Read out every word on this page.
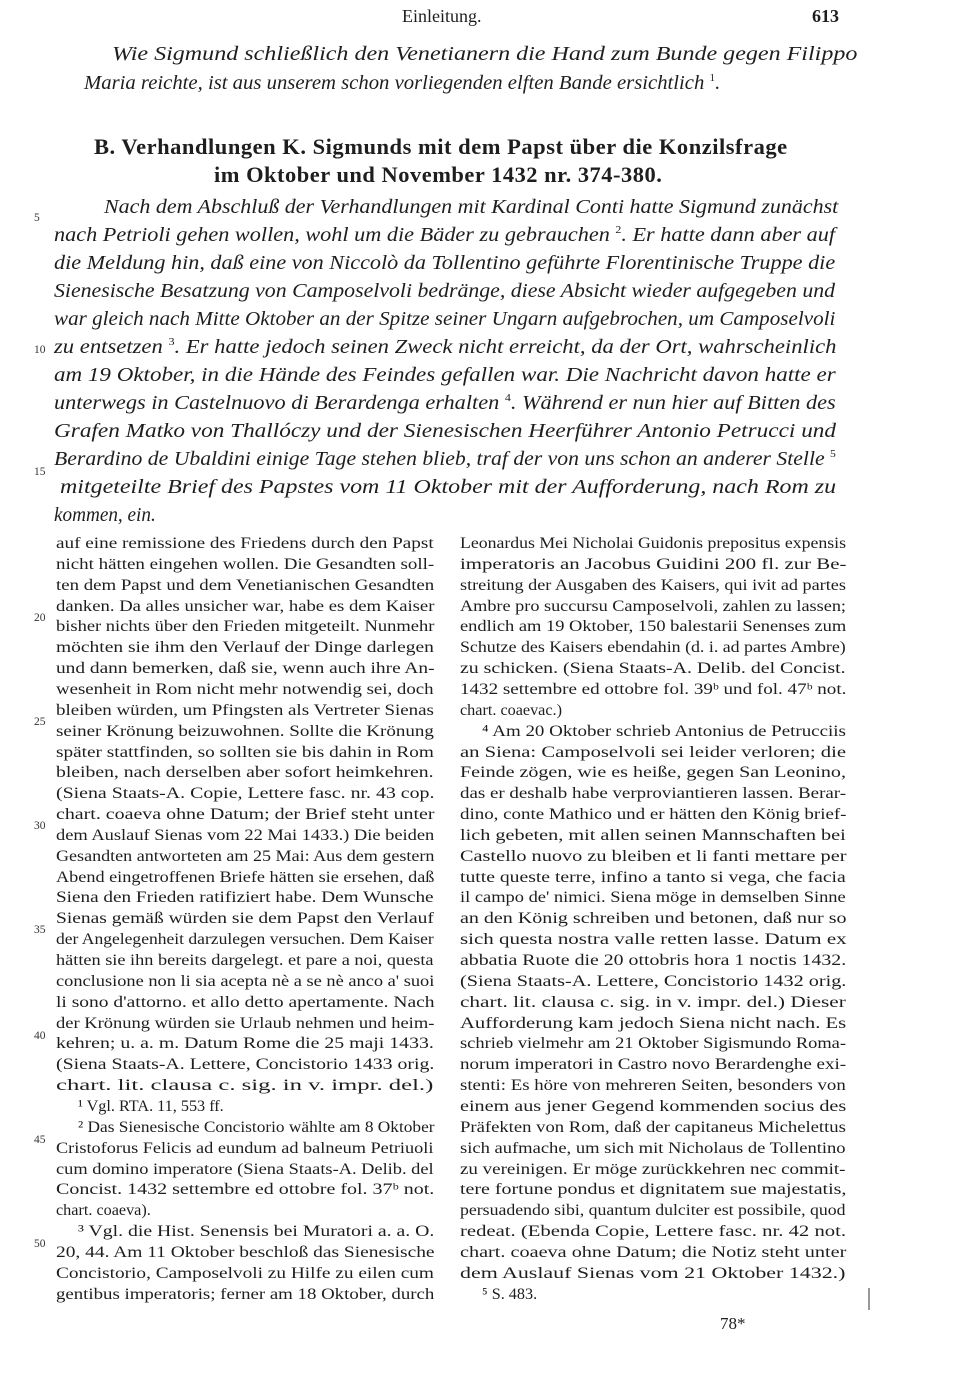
Einleitung.	613
Wie Sigmund schließlich den Venetianern die Hand zum Bunde gegen Filippo
Maria reichte, ist aus unserem schon vorliegenden elften Bande ersichtlich $^1$.
B. Verhandlungen K. Sigmunds mit dem Papst über die Konzilsfrage
im Oktober und November 1432 nr. 374-380.
Nach dem Abschluß der Verhandlungen mit Kardinal Conti hatte Sigmund zunächst
nach Petrioli gehen wollen, wohl um die Bäder zu gebrauchen $^2$. Er hatte dann aber auf
die Meldung hin, daß eine von Niccolò da Tollentino geführte Florentinische Truppe die
Sienesische Besatzung von Camposelvoli bedränge, diese Absicht wieder aufgegeben und
war gleich nach Mitte Oktober an der Spitze seiner Ungarn aufgebrochen, um Camposelvoli
zu entsetzen $^3$. Er hatte jedoch seinen Zweck nicht erreicht, da der Ort, wahrscheinlich
am 19 Oktober, in die Hände des Feindes gefallen war. Die Nachricht davon hatte er
unterwegs in Castelnuovo di Berardenga erhalten $^4$. Während er nun hier auf Bitten des
Grafen Matko von Thallóczy und der Sienesischen Heerführer Antonio Petrucci und
Berardino de Ubaldini einige Tage stehen blieb, traf der von uns schon an anderer Stelle $^5$
mitgeteilte Brief des Papstes vom 11 Oktober mit der Aufforderung, nach Rom zu
kommen, ein.
5
10
15
20
25
30
35
40
45
50
auf eine remissione des Friedens durch den Papst
nicht hätten eingehen wollen. Die Gesandten soll-
ten dem Papst und dem Venetianischen Gesandten
danken. Da alles unsicher war, habe es dem Kaiser
bisher nichts über den Frieden mitgeteilt. Nunmehr
möchten sie ihm den Verlauf der Dinge darlegen
und dann bemerken, daß sie, wenn auch ihre An-
wesenheit in Rom nicht mehr notwendig sei, doch
bleiben würden, um Pfingsten als Vertreter Sienas
seiner Krönung beizuwohnen. Sollte die Krönung
später stattfinden, so sollten sie bis dahin in Rom
bleiben, nach derselben aber sofort heimkehren.
(Siena Staats-A. Copie, Lettere fasc. nr. 43 cop.
chart. coaeva ohne Datum; der Brief steht unter
dem Auslauf Sienas vom 22 Mai 1433.) Die beiden
Gesandten antworteten am 25 Mai: Aus dem gestern
Abend eingetroffenen Briefe hätten sie ersehen, daß
Siena den Frieden ratifiziert habe. Dem Wunsche
Sienas gemäß würden sie dem Papst den Verlauf
der Angelegenheit darzulegen versuchen. Dem Kaiser
hätten sie ihn bereits dargelegt. et pare a noi, questa
conclusione non li sia acepta nè a se nè anco a' suoi
li sono d'attorno. et allo detto apertamente. Nach
der Krönung würden sie Urlaub nehmen und heim-
kehren; u. a. m. Datum Rome die 25 maji 1433.
(Siena Staats-A. Lettere, Concistorio 1433 orig.
chart. lit. clausa c. sig. in v. impr. del.)
¹ Vgl. RTA. 11, 553 ff.
² Das Sienesische Concistorio wählte am 8 Oktober
Cristoforus Felicis ad eundum ad balneum Petriuoli
cum domino imperatore (Siena Staats-A. Delib. del
Concist. 1432 settembre ed ottobre fol. 37ᵇ not.
chart. coaeva).
³ Vgl. die Hist. Senensis bei Muratori a. a. O.
20, 44. Am 11 Oktober beschloß das Sienesische
Concistorio, Camposelvoli zu Hilfe zu eilen cum
gentibus imperatoris; ferner am 18 Oktober, durch
Leonardus Mei Nicholai Guidonis prepositus expensis
imperatoris an Jacobus Guidini 200 fl. zur Be-
streitung der Ausgaben des Kaisers, qui ivit ad partes
Ambre pro succursu Camposelvoli, zahlen zu lassen;
endlich am 19 Oktober, 150 balestarii Senenses zum
Schutze des Kaisers ebendahin (d. i. ad partes Ambre)
zu schicken. (Siena Staats-A. Delib. del Concist.
1432 settembre ed ottobre fol. 39ᵇ und fol. 47ᵇ not.
chart. coaevac.)
⁴ Am 20 Oktober schrieb Antonius de Petrucciis
an Siena: Camposelvoli sei leider verloren; die
Feinde zögen, wie es heiße, gegen San Leonino,
das er deshalb habe verproviantieren lassen. Berar-
dino, conte Mathico und er hätten den König brief-
lich gebeten, mit allen seinen Mannschaften bei
Castello nuovo zu bleiben et li fanti mettare per
tutte queste terre, infino a tanto si vega, che facia
il campo de' nimici. Siena möge in demselben Sinne
an den König schreiben und betonen, daß nur so
sich questa nostra valle retten lasse. Datum ex
abbatia Ruote die 20 ottobris hora 1 noctis 1432.
(Siena Staats-A. Lettere, Concistorio 1432 orig.
chart. lit. clausa c. sig. in v. impr. del.) Dieser
Aufforderung kam jedoch Siena nicht nach. Es
schrieb vielmehr am 21 Oktober Sigismundo Roma-
norum imperatori in Castro novo Berardenghe exi-
stenti: Es höre von mehreren Seiten, besonders von
einem aus jener Gegend kommenden socius des
Präfekten von Rom, daß der capitaneus Michelettus
sich aufmache, um sich mit Nicholaus de Tollentino
zu vereinigen. Er möge zurückkehren nec commit-
tere fortune pondus et dignitatem sue majestatis,
persuadendo sibi, quantum dulciter est possibile, quod
redeat. (Ebenda Copie, Lettere fasc. nr. 42 not.
chart. coaeva ohne Datum; die Notiz steht unter
dem Auslauf Sienas vom 21 Oktober 1432.)
⁵ S. 483.
78*
